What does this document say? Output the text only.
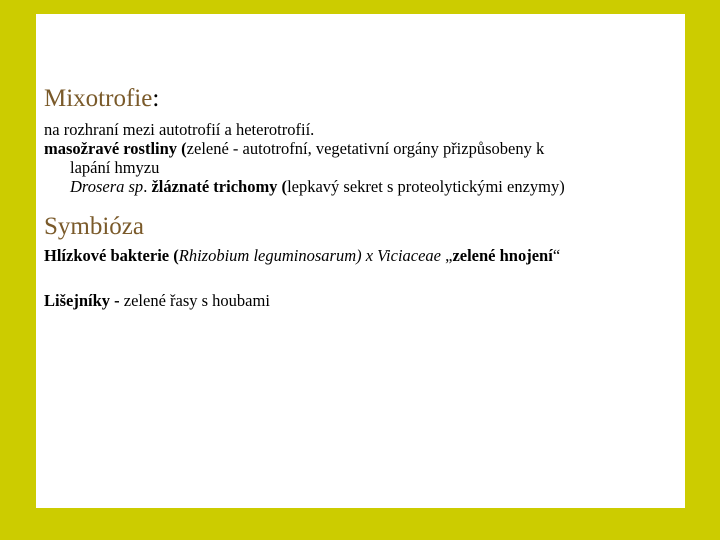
Mixotrofie:

na rozhraní mezi autotrofií a heterotrofií.

masožravé rostliny (zelené - autotrofní, vegetativní orgány přizpůsobeny k

lapání hmyzu

Drosera sp. žláznaté trichomy (lepkavý sekret s proteolytickými enzymy)

Symbióza

Hlízkové bakterie (Rhizobium leguminosarum) x Viciaceae „zelené hnojení“

Lišejníky - zelené řasy s houbami
